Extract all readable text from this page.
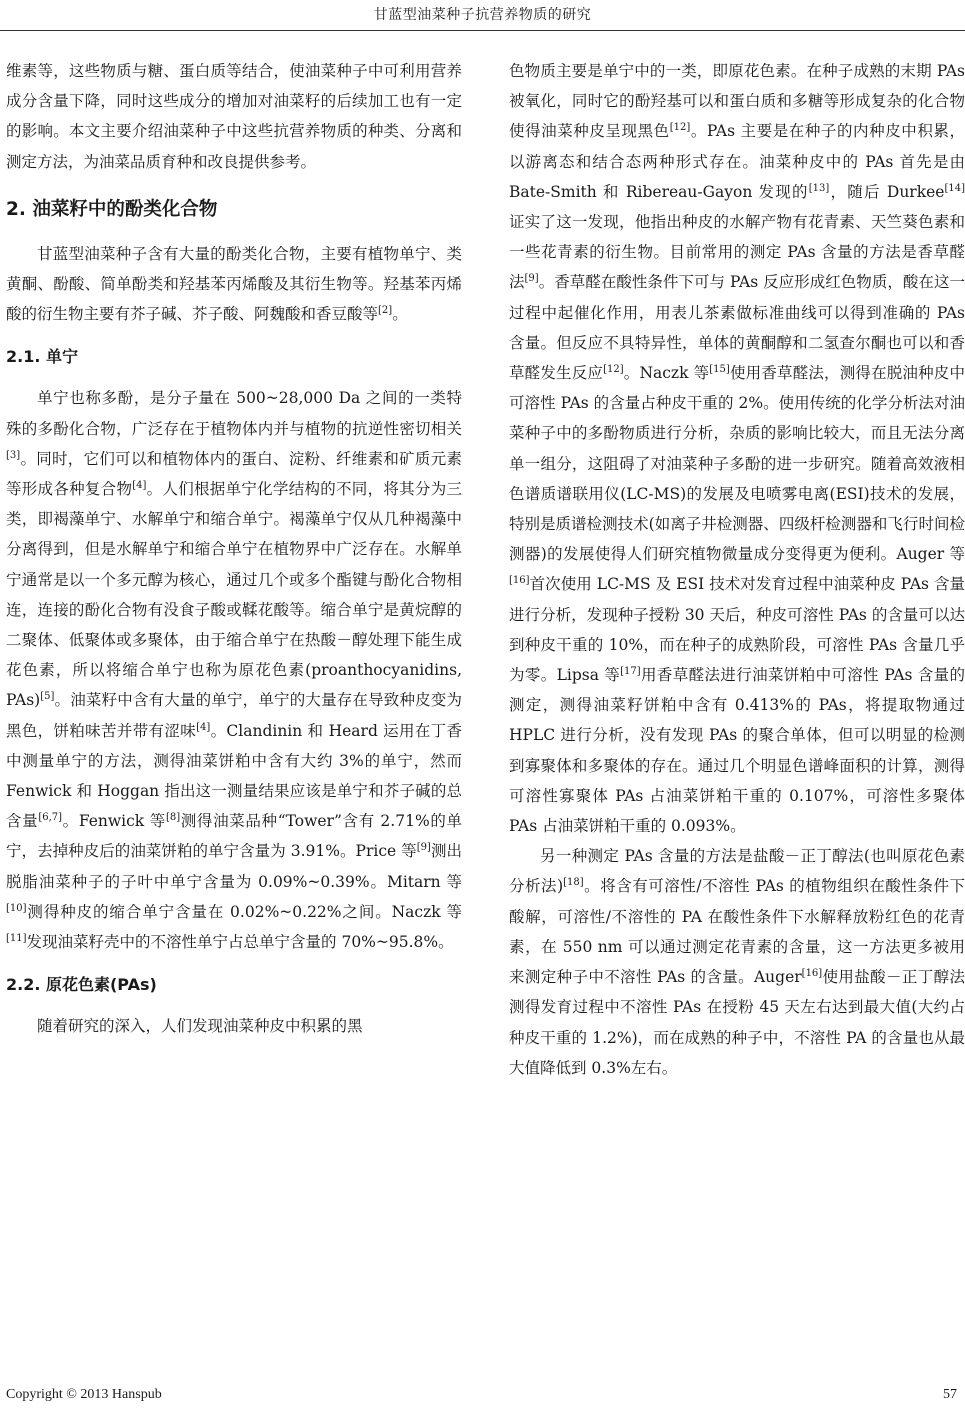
甘蓝型油菜种子抗营养物质的研究

维素等，这些物质与糖、蛋白质等结合，使油菜种子中可利用营养成分含量下降，同时这些成分的增加对油菜籽的后续加工也有一定的影响。本文主要介绍油菜种子中这些抗营养物质的种类、分离和测定方法，为油菜品质育种和改良提供参考。

2. 油菜籽中的酚类化合物

甘蓝型油菜种子含有大量的酚类化合物，主要有植物单宁、类黄酮、酚酸、简单酚类和羟基苯丙烯酸及其衍生物等。羟基苯丙烯酸的衍生物主要有芥子碱、芥子酸、阿魏酸和香豆酸等[2]。

2.1. 单宁

单宁也称多酚，是分子量在 500~28,000 Da 之间的一类特殊的多酚化合物，广泛存在于植物体内并与植物的抗逆性密切相关[3]。同时，它们可以和植物体内的蛋白、淀粉、纤维素和矿质元素等形成各种复合物[4]。人们根据单宁化学结构的不同，将其分为三类，即褐藻单宁、水解单宁和缩合单宁。褐藻单宁仅从几种褐藻中分离得到，但是水解单宁和缩合单宁在植物界中广泛存在。水解单宁通常是以一个多元醇为核心，通过几个或多个酯键与酚化合物相连，连接的酚化合物有没食子酸或鞣花酸等。缩合单宁是黄烷醇的二聚体、低聚体或多聚体，由于缩合单宁在热酸－醇处理下能生成花色素，所以将缩合单宁也称为原花色素(proanthocyanidins, PAs)[5]。油菜籽中含有大量的单宁，单宁的大量存在导致种皮变为黑色，饼粕味苦并带有涩味[4]。Clandinin 和 Heard 运用在丁香中测量单宁的方法，测得油菜饼粕中含有大约 3%的单宁，然而 Fenwick 和 Hoggan 指出这一测量结果应该是单宁和芥子碱的总含量[6,7]。Fenwick 等[8]测得油菜品种“Tower”含有 2.71%的单宁，去掉种皮后的油菜饼粕的单宁含量为 3.91%。Price 等[9]测出脱脂油菜种子的子叶中单宁含量为 0.09%~0.39%。Mitarn 等[10]测得种皮的缩合单宁含量在 0.02%~0.22%之间。Naczk 等[11]发现油菜籽壳中的不溶性单宁占总单宁含量的 70%~95.8%。

2.2. 原花色素(PAs)

随着研究的深入，人们发现油菜种皮中积累的黑

色物质主要是单宁中的一类，即原花色素。在种子成熟的末期 PAs 被氧化，同时它的酚羟基可以和蛋白质和多糖等形成复杂的化合物使得油菜种皮呈现黑色[12]。PAs 主要是在种子的内种皮中积累，以游离态和结合态两种形式存在。油菜种皮中的 PAs 首先是由 Bate-Smith 和 Ribereau-Gayon 发现的[13]，随后 Durkee[14]证实了这一发现，他指出种皮的水解产物有花青素、天竺葵色素和一些花青素的衍生物。目前常用的测定 PAs 含量的方法是香草醛法[9]。香草醛在酸性条件下可与 PAs 反应形成红色物质，酸在这一过程中起催化作用，用表儿茶素做标准曲线可以得到准确的 PAs 含量。但反应不具特异性，单体的黄酮醇和二氢查尔酮也可以和香草醛发生反应[12]。Naczk 等[15]使用香草醛法，测得在脱油种皮中可溶性 PAs 的含量占种皮干重的 2%。使用传统的化学分析法对油菜种子中的多酚物质进行分析，杂质的影响比较大，而且无法分离单一组分，这阻碍了对油菜种子多酚的进一步研究。随着高效液相色谱质谱联用仪(LC-MS)的发展及电喷雾电离(ESI)技术的发展，特别是质谱检测技术(如离子井检测器、四级杆检测器和飞行时间检测器)的发展使得人们研究植物微量成分变得更为便利。Auger 等[16]首次使用 LC-MS 及 ESI 技术对发育过程中油菜种皮 PAs 含量进行分析，发现种子授粉 30 天后，种皮可溶性 PAs 的含量可以达到种皮干重的 10%，而在种子的成熟阶段，可溶性 PAs 含量几乎为零。Lipsa 等[17]用香草醛法进行油菜饼粕中可溶性 PAs 含量的测定，测得油菜籽饼粕中含有 0.413%的 PAs，将提取物通过 HPLC 进行分析，没有发现 PAs 的聚合单体，但可以明显的检测到寡聚体和多聚体的存在。通过几个明显色谱峰面积的计算，测得可溶性寡聚体 PAs 占油菜饼粕干重的 0.107%，可溶性多聚体 PAs 占油菜饼粕干重的 0.093%。

另一种测定 PAs 含量的方法是盐酸－正丁醇法(也叫原花色素分析法)[18]。将含有可溶性/不溶性 PAs 的植物组织在酸性条件下酸解，可溶性/不溶性的 PA 在酸性条件下水解释放粉红色的花青素，在 550 nm 可以通过测定花青素的含量，这一方法更多被用来测定种子中不溶性 PAs 的含量。Auger[16]使用盐酸－正丁醇法测得发育过程中不溶性 PAs 在授粉 45 天左右达到最大值(大约占种皮干重的 1.2%)，而在成熟的种子中，不溶性 PA 的含量也从最大值降低到 0.3%左右。

Copyright © 2013 Hanspub	57
